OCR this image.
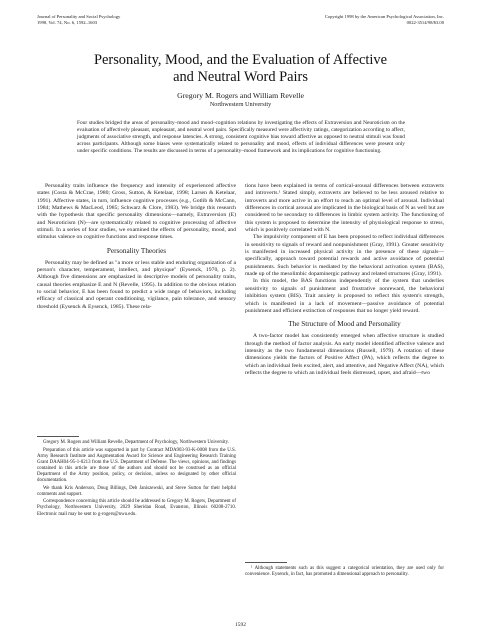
Journal of Personality and Social Psychology
1998, Vol. 74, No. 6, 1592–1603
Copyright 1998 by the American Psychological Association, Inc.
0022-3514/98/$3.00
Personality, Mood, and the Evaluation of Affective
and Neutral Word Pairs
Gregory M. Rogers and William Revelle
Northwestern University
Four studies bridged the areas of personality–mood and mood–cognition relations by investigating the effects of Extraversion and Neuroticism on the evaluation of affectively pleasant, unpleasant, and neutral word pairs. Specifically measured were affectivity ratings, categorization according to affect, judgments of associative strength, and response latencies. A strong, consistent cognitive bias toward affective as opposed to neutral stimuli was found across participants. Although some biases were systematically related to personality and mood, effects of individual differences were present only under specific conditions. The results are discussed in terms of a personality–mood framework and its implications for cognitive functioning.

Personality traits influence the frequency and intensity of experienced affective states (Costa & McCrae, 1980; Gross, Sutton, & Ketelaar, 1998; Larsen & Ketelaar, 1991). Affective states, in turn, influence cognitive processes (e.g., Gotlib & McCann, 1984; Mathews & MacLeod, 1985; Schwarz & Clore, 1983). We bridge this research with the hypothesis that specific personality dimensions—namely, Extraversion (E) and Neuroticism (N)—are systematically related to cognitive processing of affective stimuli. In a series of four studies, we examined the effects of personality, mood, and stimulus valence on cognitive functions and response times.

Personality Theories

Personality may be defined as "a more or less stable and enduring organization of a person's character, temperament, intellect, and physique" (Eysenck, 1970, p. 2). Although five dimensions are emphasized in descriptive models of personality traits, causal theories emphasize E and N (Revelle, 1995). In addition to the obvious relation to social behavior, E has been found to predict a wide range of behaviors, including efficacy of classical and operant conditioning, vigilance, pain tolerance, and sensory threshold (Eysenck & Eysenck, 1985). These rela-

Gregory M. Rogers and William Revelle, Department of Psychology, Northwestern University.

Preparation of this article was supported in part by Contract MDA903-93-K-0008 from the U.S. Army Research Institute and Augmentation Award for Science and Engineering Research Training Grant DAAH04-95-1-0213 from the U.S. Department of Defense. The views, opinions, and findings contained in this article are those of the authors and should not be construed as an official Department of the Army position, policy, or decision, unless so designated by other official documentation.

We thank Kris Anderson, Doug Billings, Deb Janiszewski, and Steve Sutton for their helpful comments and support.

Correspondence concerning this article should be addressed to Gregory M. Rogers, Department of Psychology, Northwestern University, 2029 Sheridan Road, Evanston, Illinois 60208-2710. Electronic mail may be sent to g-rogers@nwu.edu.

tions have been explained in terms of cortical-arousal differences between extraverts and introverts.¹ Stated simply, extraverts are believed to be less aroused relative to introverts and more active in an effort to reach an optimal level of arousal. Individual differences in cortical arousal are implicated in the biological basis of N as well but are considered to be secondary to differences in limbic system activity. The functioning of this system is proposed to determine the intensity of physiological response to stress, which is positively correlated with N.

The impulsivity component of E has been proposed to reflect individual differences in sensitivity to signals of reward and nonpunishment (Gray, 1991). Greater sensitivity is manifested in increased physical activity in the presence of these signals—specifically, approach toward potential rewards and active avoidance of potential punishments. Such behavior is mediated by the behavioral activation system (BAS), made up of the mesolimbic dopaminergic pathway and related structures (Gray, 1991).

In this model, the BAS functions independently of the system that underlies sensitivity to signals of punishment and frustrative nonreward, the behavioral inhibition system (BIS). Trait anxiety is proposed to reflect this system's strength, which is manifested in a lack of movement—passive avoidance of potential punishment and efficient extinction of responses that no longer yield reward.

The Structure of Mood and Personality

A two-factor model has consistently emerged when affective structure is studied through the method of factor analysis. An early model identified affective valence and intensity as the two fundamental dimensions (Russell, 1979). A rotation of these dimensions yields the factors of Positive Affect (PA), which reflects the degree to which an individual feels excited, alert, and attentive, and Negative Affect (NA), which reflects the degree to which an individual feels distressed, upset, and afraid—two

¹ Although statements such as this suggest a categorical orientation, they are used only for convenience. Eysenck, in fact, has promoted a dimensional approach to personality.

1592
